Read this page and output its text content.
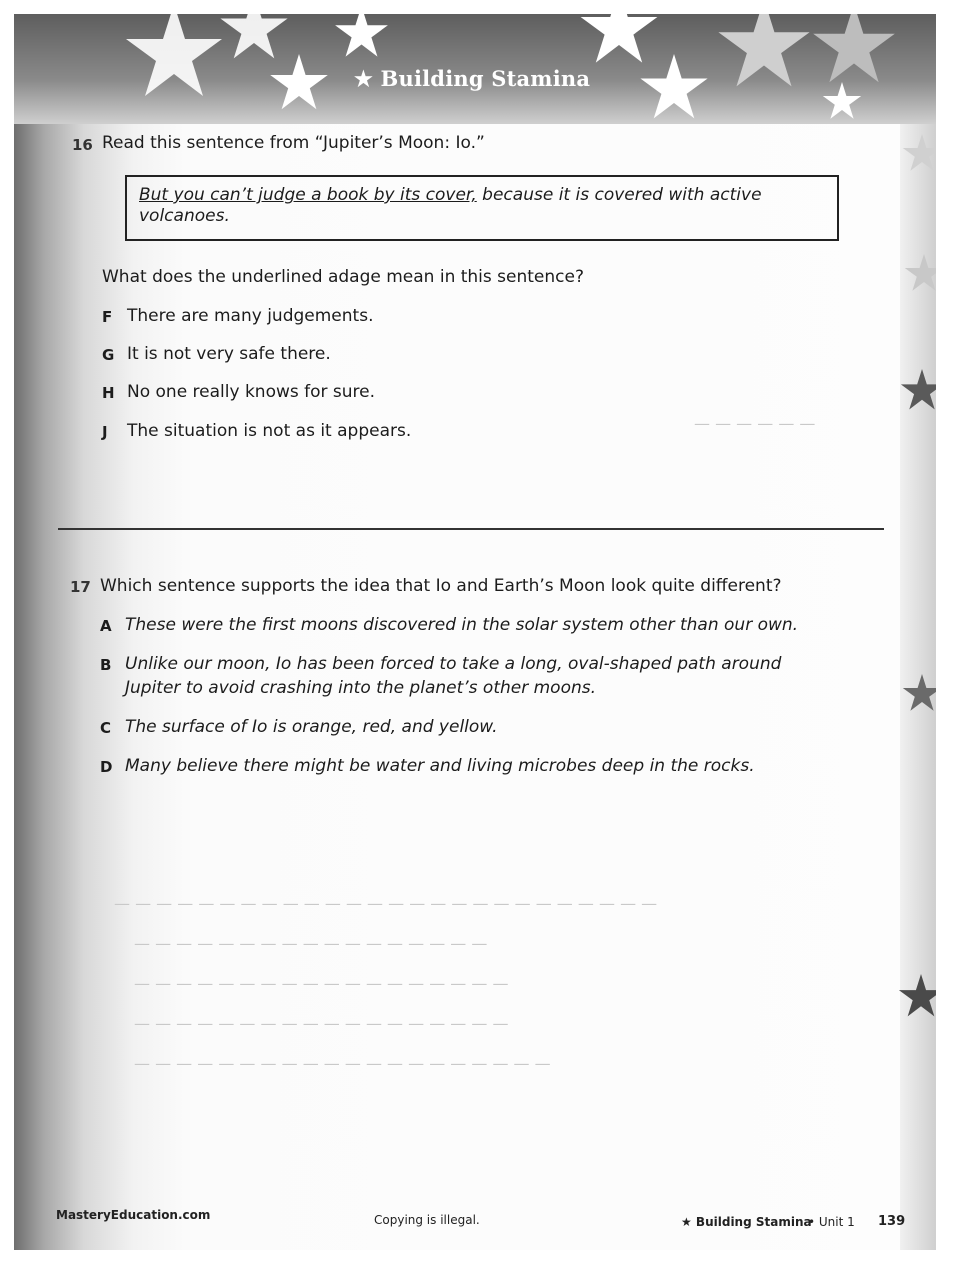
★ Building Stamina
— — — — — —
— — — — — — — — — — — — — — — — — — — — — — — — — —
— — — — — — — — — — — — — — — — —
— — — — — — — — — — — — — — — — — —
— — — — — — — — — — — — — — — — — —
— — — — — — — — — — — — — — — — — — — —
16 Read this sentence from “Jupiter’s Moon: Io.”
But you can’t judge a book by its cover, because it is covered with active
volcanoes.
What does the underlined adage mean in this sentence?
F There are many judgements.
G It is not very safe there.
H No one really knows for sure.
J The situation is not as it appears.
17 Which sentence supports the idea that Io and Earth’s Moon look quite different?
A These were the first moons discovered in the solar system other than our own.
B Unlike our moon, Io has been forced to take a long, oval-shaped path around
Jupiter to avoid crashing into the planet’s other moons.
C The surface of Io is orange, red, and yellow.
D Many believe there might be water and living microbes deep in the rocks.
MasteryEducation.com	Copying is illegal.	★ Building Stamina
• Unit 1 139
